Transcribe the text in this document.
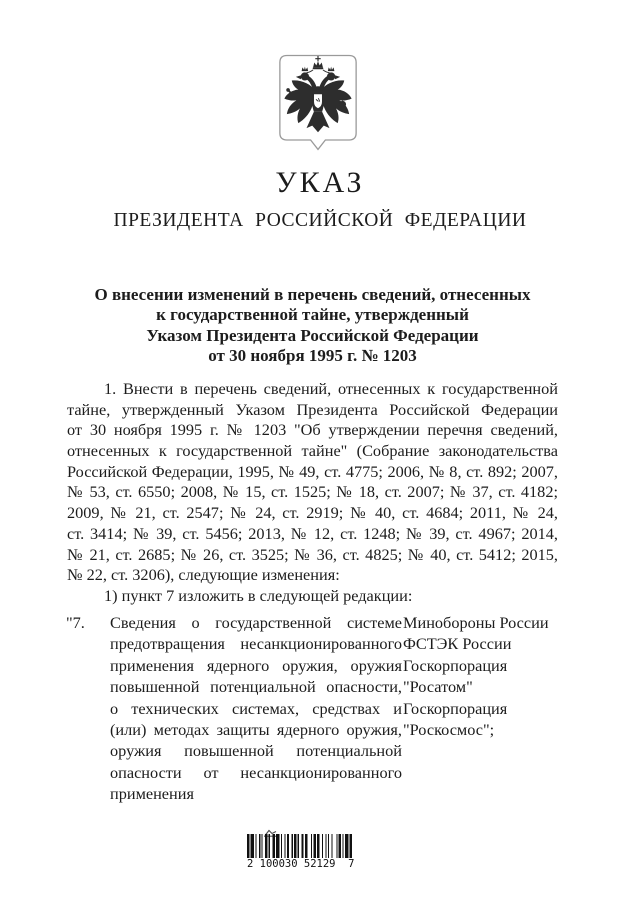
УКАЗ
ПРЕЗИДЕНТА РОССИЙСКОЙ ФЕДЕРАЦИИ
О внесении изменений в перечень сведений, отнесенных
к государственной тайне, утвержденный
Указом Президента Российской Федерации
от 30 ноября 1995 г. № 1203
1. Внести в перечень сведений, отнесенных к государственной
тайне, утвержденный Указом Президента Российской Федерации
от 30 ноября 1995 г. № 1203 "Об утверждении перечня сведений,
отнесенных к государственной тайне" (Собрание законодательства
Российской Федерации, 1995, № 49, ст. 4775; 2006, № 8, ст. 892; 2007,
№ 53, ст. 6550; 2008, № 15, ст. 1525; № 18, ст. 2007; № 37, ст. 4182;
2009, № 21, ст. 2547; № 24, ст. 2919; № 40, ст. 4684; 2011, № 24,
ст. 3414; № 39, ст. 5456; 2013, № 12, ст. 1248; № 39, ст. 4967; 2014,
№ 21, ст. 2685; № 26, ст. 3525; № 36, ст. 4825; № 40, ст. 5412; 2015,
№ 22, ст. 3206), следующие изменения:
1) пункт 7 изложить в следующей редакции:
"7. Сведения о государственной системе
предотвращения несанкционированного
применения ядерного оружия, оружия
повышенной потенциальной опасности,
о технических системах, средствах и
(или) методах защиты ядерного оружия,
оружия повышенной потенциальной
опасности от несанкционированного
применения
Минобороны России
ФСТЭК России
Госкорпорация
"Росатом"
Госкорпорация
"Роскосмос";
2 100030 52129  7
